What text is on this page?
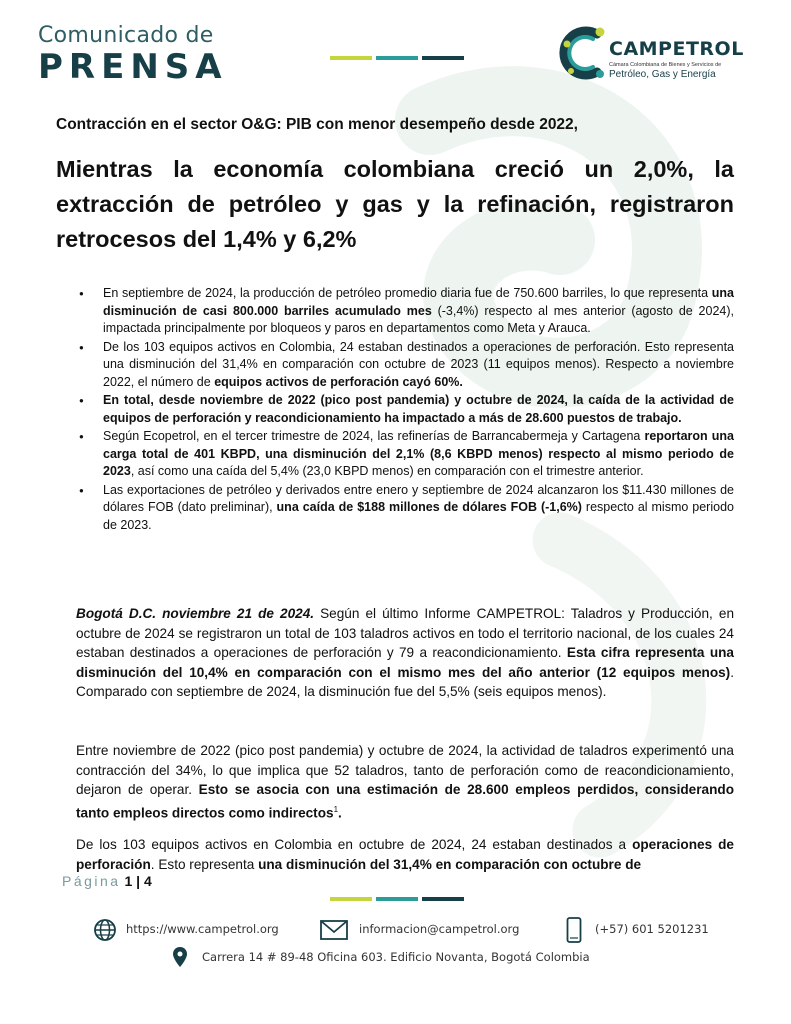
Comunicado de
PRENSA	CAMPETROL
Cámara Colombiana de Bienes y Servicios de
Petróleo, Gas y Energía
Contracción en el sector O&G: PIB con menor desempeño desde 2022,
Mientras la economía colombiana creció un 2,0%, la extracción de petróleo y gas y la refinación, registraron retrocesos del 1,4% y 6,2%
● En septiembre de 2024, la producción de petróleo promedio diaria fue de 750.600 barriles, lo que representa una disminución de casi 800.000 barriles acumulado mes (-3,4%) respecto al mes anterior (agosto de 2024), impactada principalmente por bloqueos y paros en departamentos como Meta y Arauca.
● De los 103 equipos activos en Colombia, 24 estaban destinados a operaciones de perforación. Esto representa una disminución del 31,4% en comparación con octubre de 2023 (11 equipos menos). Respecto a noviembre 2022, el número de equipos activos de perforación cayó 60%.
● En total, desde noviembre de 2022 (pico post pandemia) y octubre de 2024, la caída de la actividad de equipos de perforación y reacondicionamiento ha impactado a más de 28.600 puestos de trabajo.
● Según Ecopetrol, en el tercer trimestre de 2024, las refinerías de Barrancabermeja y Cartagena reportaron una carga total de 401 KBPD, una disminución del 2,1% (8,6 KBPD menos) respecto al mismo periodo de 2023, así como una caída del 5,4% (23,0 KBPD menos) en comparación con el trimestre anterior.
● Las exportaciones de petróleo y derivados entre enero y septiembre de 2024 alcanzaron los $11.430 millones de dólares FOB (dato preliminar), una caída de $188 millones de dólares FOB (-1,6%) respecto al mismo periodo de 2023.

Bogotá D.C. noviembre 21 de 2024. Según el último Informe CAMPETROL: Taladros y Producción, en octubre de 2024 se registraron un total de 103 taladros activos en todo el territorio nacional, de los cuales 24 estaban destinados a operaciones de perforación y 79 a reacondicionamiento. Esta cifra representa una disminución del 10,4% en comparación con el mismo mes del año anterior (12 equipos menos). Comparado con septiembre de 2024, la disminución fue del 5,5% (seis equipos menos).

Entre noviembre de 2022 (pico post pandemia) y octubre de 2024, la actividad de taladros experimentó una contracción del 34%, lo que implica que 52 taladros, tanto de perforación como de reacondicionamiento, dejaron de operar. Esto se asocia con una estimación de 28.600 empleos perdidos, considerando tanto empleos directos como indirectos$^1$.

De los 103 equipos activos en Colombia en octubre de 2024, 24 estaban destinados a operaciones de perforación. Esto representa una disminución del 31,4% en comparación con octubre de

Página 1 | 4
https://www.campetrol.org	informacion@campetrol.org	(+57) 601 5201231
Carrera 14 # 89-48 Oficina 603. Edificio Novanta, Bogotá Colombia
